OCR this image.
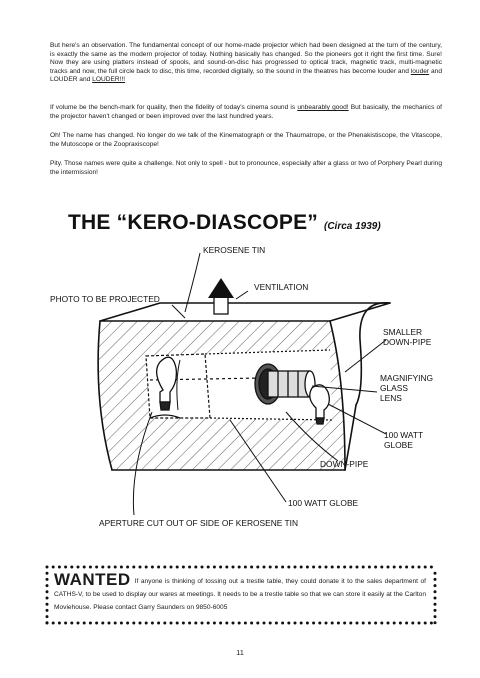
But here's an observation. The fundamental concept of our home-made projector which had been designed at the turn of the century, is exactly the same as the modern projector of today. Nothing basically has changed. So the pioneers got it right the first time. Sure! Now they are using platters instead of spools, and sound-on-disc has progressed to optical track, magnetic track, multi-magnetic tracks and now, the full circle back to disc, this time, recorded digitally, so the sound in the theatres has become louder and louder and LOUDER and LOUDER!!!

If volume be the bench-mark for quality, then the fidelity of today's cinema sound is unbearably good! But basically, the mechanics of the projector haven't changed or been improved over the last hundred years.

Oh! The name has changed. No longer do we talk of the Kinematograph or the Thaumatrope, or the Phenakistiscope, the Vitascope, the Mutoscope or the Zoopraxiscope!

Pity. Those names were quite a challenge. Not only to spell - but to pronounce, especially after a glass or two of Porphery Pearl during the intermission!

THE “KERO-DIASCOPE” (Circa 1939)
KEROSENE TIN
VENTILATION
PHOTO TO BE PROJECTED
SMALLER
DOWN-PIPE
MAGNIFYING
GLASS
LENS
100 WATT
GLOBE
DOWN-PIPE
100 WATT GLOBE
APERTURE CUT OUT OF SIDE OF KEROSENE TIN
WANTED If anyone is thinking of tossing out a trestle table, they could donate it to the sales department of CATHS-V, to be used to display our wares at meetings. It needs to be a trestle table so that we can store it easily at the Carlton Moviehouse. Please contact Garry Saunders on 9850-6005
11
